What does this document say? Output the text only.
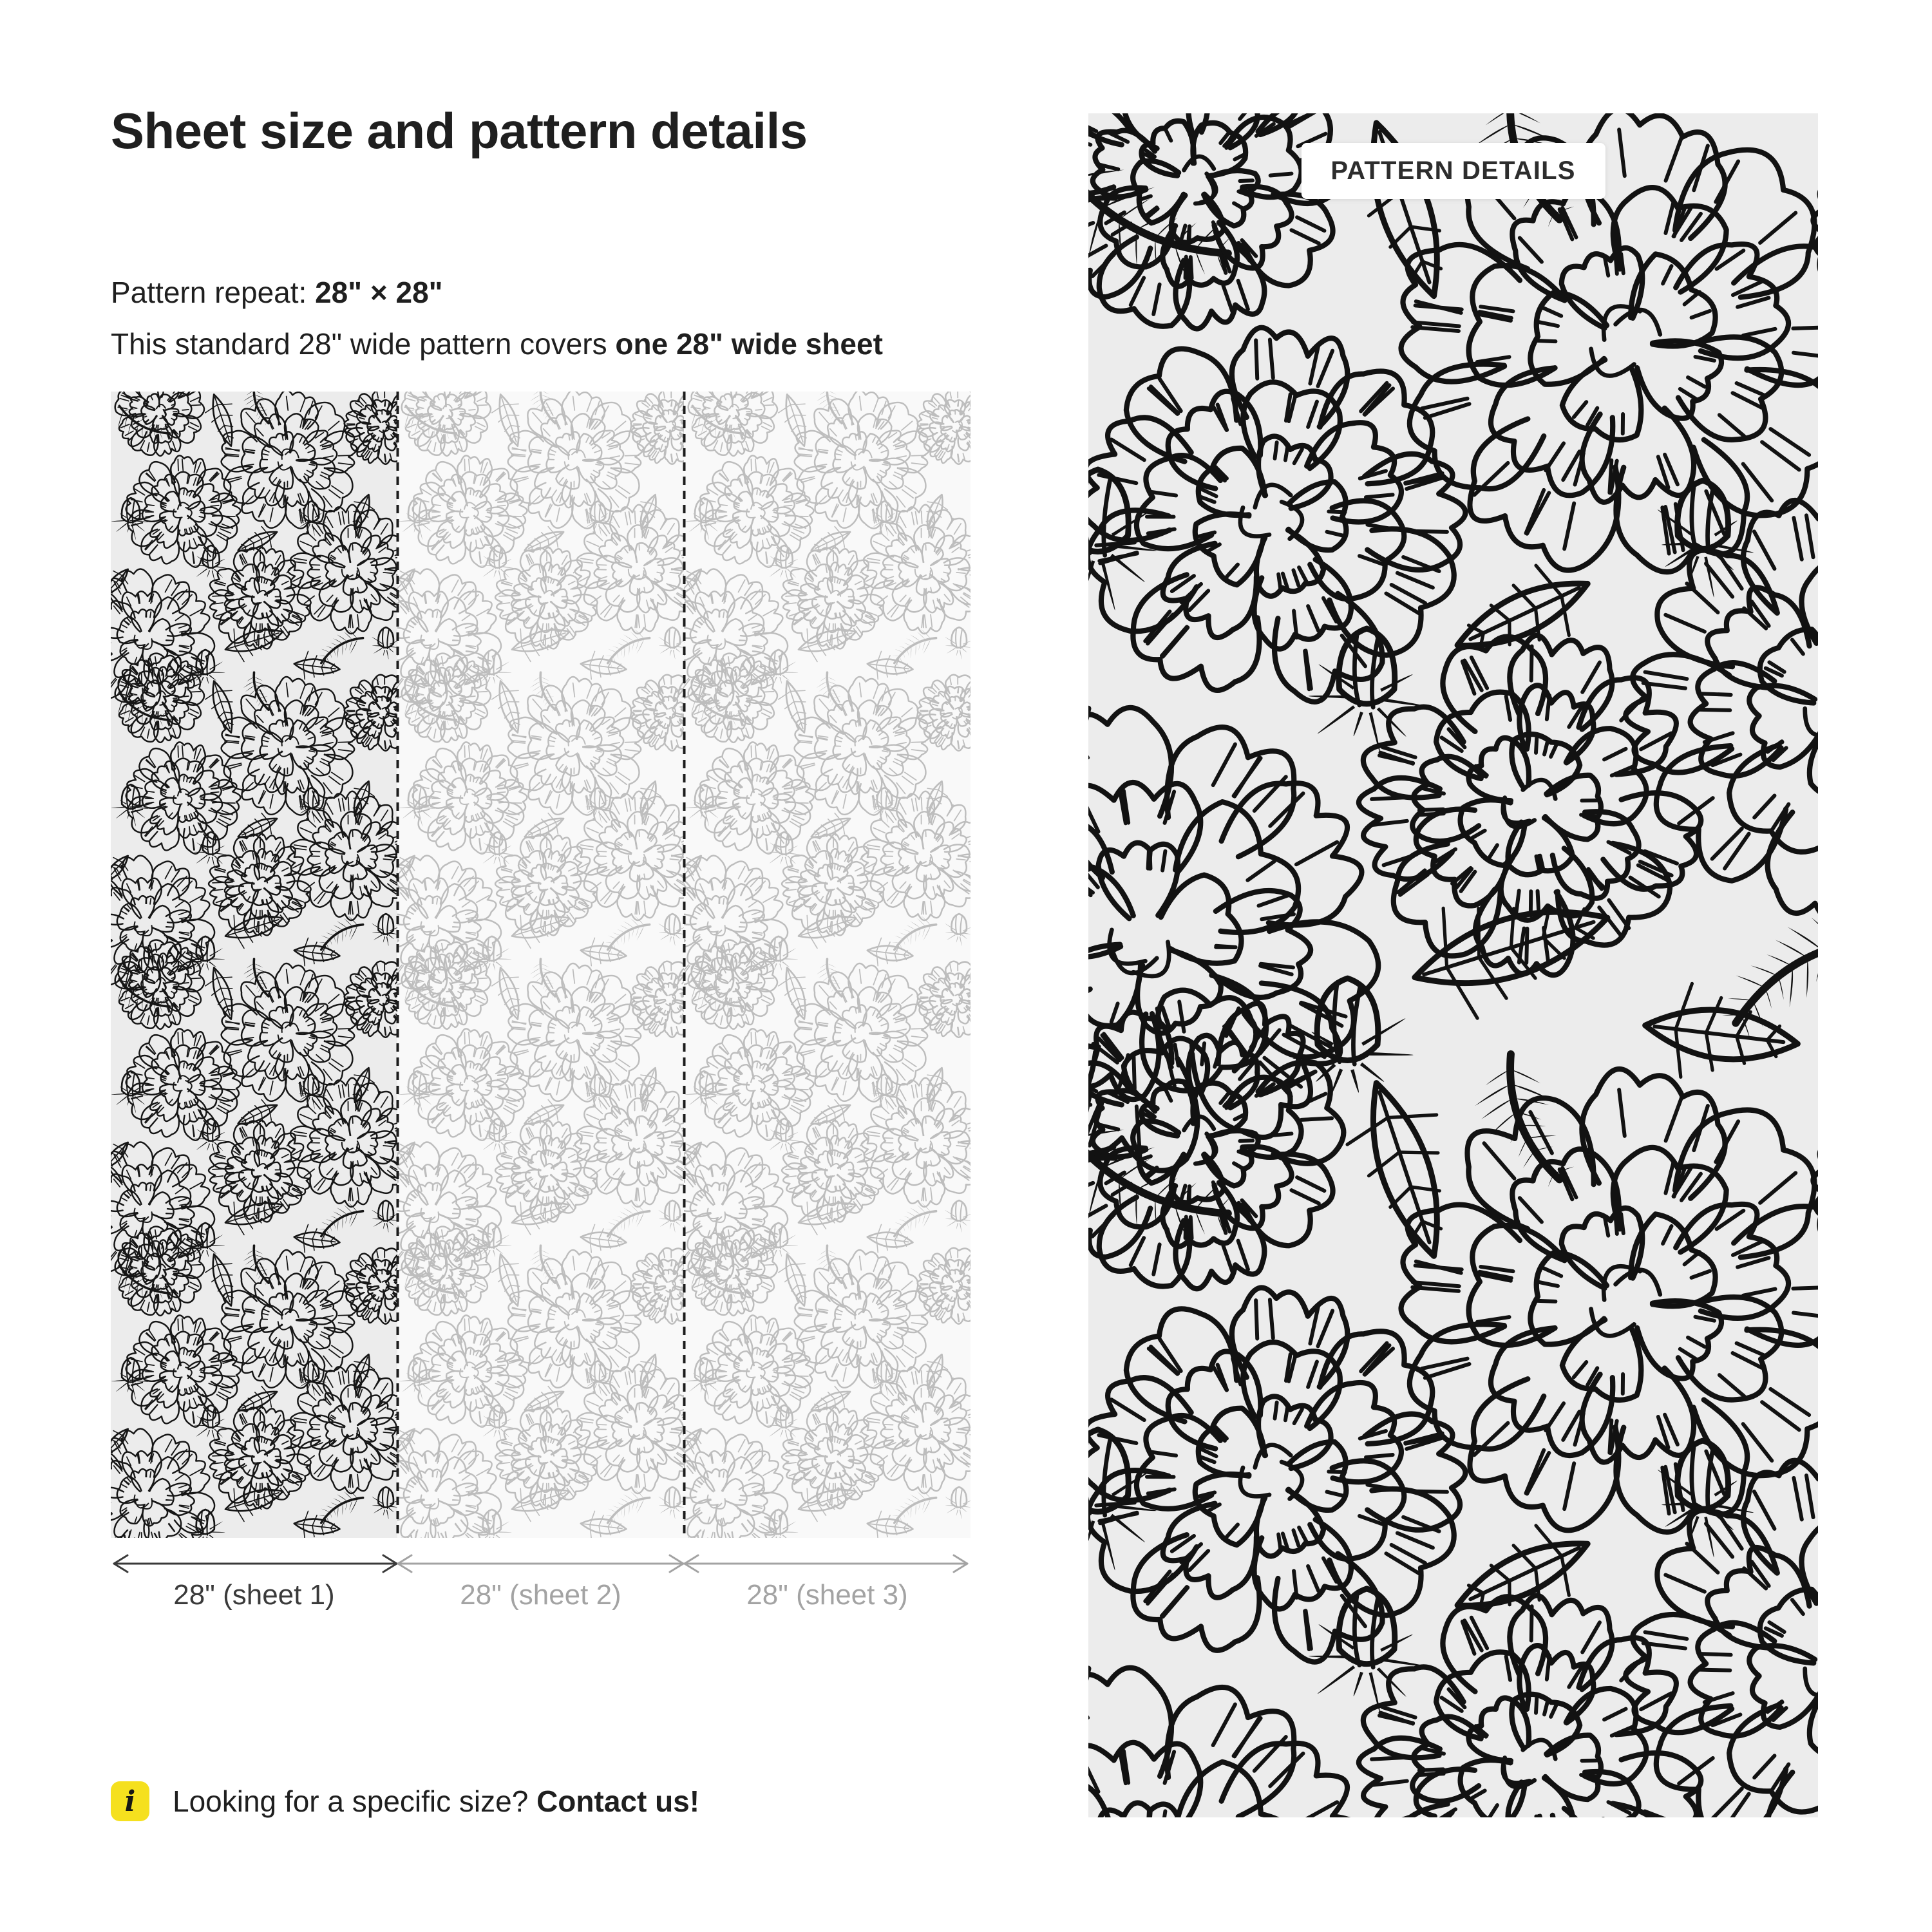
Sheet size and pattern details
Pattern repeat: 28" × 28"
This standard 28" wide pattern covers one 28" wide sheet
28" (sheet 1)	28" (sheet 2)	28" (sheet 3)
i	Looking for a specific size? Contact us!
PATTERN DETAILS
